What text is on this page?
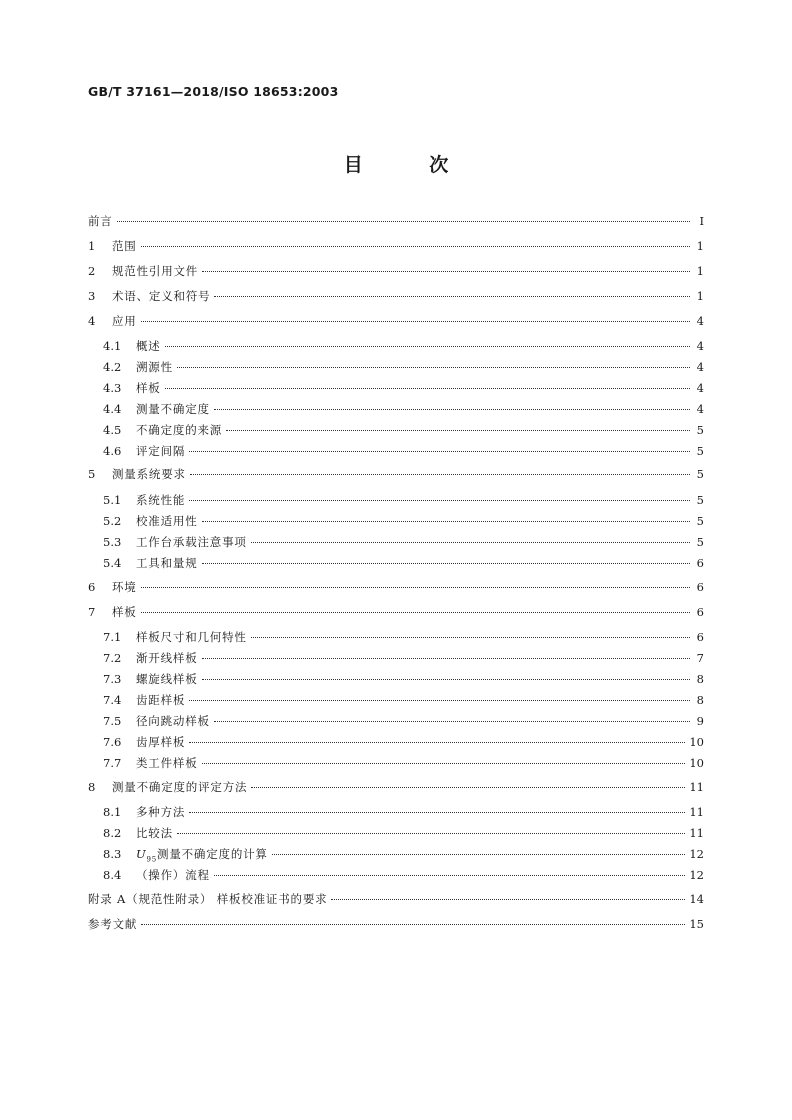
GB/T 37161—2018/ISO 18653:2003
目 次
前言	Ⅰ
1	范围	1
2	规范性引用文件	1
3	术语、定义和符号	1
4	应用	4
4.1	概述	4
4.2	溯源性	4
4.3	样板	4
4.4	测量不确定度	4
4.5	不确定度的来源	5
4.6	评定间隔	5
5	测量系统要求	5
5.1	系统性能	5
5.2	校准适用性	5
5.3	工作台承载注意事项	5
5.4	工具和量规	6
6	环境	6
7	样板	6
7.1	样板尺寸和几何特性	6
7.2	渐开线样板	7
7.3	螺旋线样板	8
7.4	齿距样板	8
7.5	径向跳动样板	9
7.6	齿厚样板	10
7.7	类工件样板	10
8	测量不确定度的评定方法	11
8.1	多种方法	11
8.2	比较法	11
8.3	$U_{95}$测量不确定度的计算	12
8.4	（操作）流程	12
附录 A（规范性附录） 样板校准证书的要求	14
参考文献	15
